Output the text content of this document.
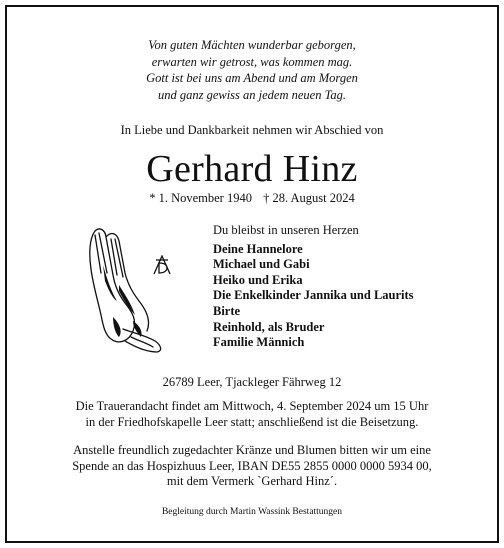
Von guten Mächten wunderbar geborgen,
erwarten wir getrost, was kommen mag.
Gott ist bei uns am Abend und am Morgen
und ganz gewiss an jedem neuen Tag.
In Liebe und Dankbarkeit nehmen wir Abschied von
Gerhard Hinz
* 1. November 1940 † 28. August 2024
Du bleibst in unseren Herzen
Deine Hannelore
Michael und Gabi
Heiko und Erika
Die Enkelkinder Jannika und Laurits
Birte
Reinhold, als Bruder
Familie Männich
26789 Leer, Tjackleger Fährweg 12
Die Trauerandacht findet am Mittwoch, 4. September 2024 um 15 Uhr
in der Friedhofskapelle Leer statt; anschließend ist die Beisetzung.
Anstelle freundlich zugedachter Kränze und Blumen bitten wir um eine
Spende an das Hospizhuus Leer, IBAN DE55 2855 0000 0000 5934 00,
mit dem Vermerk `Gerhard Hinz´.
Begleitung durch Martin Wassink Bestattungen
